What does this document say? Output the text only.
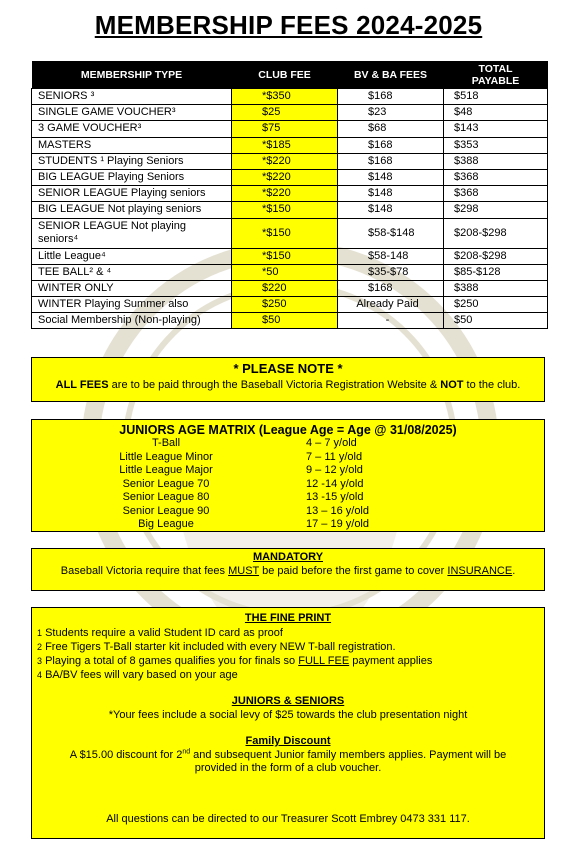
MEMBERSHIP FEES 2024-2025
MEMBERSHIP TYPE	CLUB FEE	BV & BA FEES	TOTAL PAYABLE
SENIORS ³	*$350	$168	$518
SINGLE GAME VOUCHER³	$25	$23	$48
3 GAME VOUCHER³	$75	$68	$143
MASTERS	*$185	$168	$353
STUDENTS ¹ Playing Seniors	*$220	$168	$388
BIG LEAGUE Playing Seniors	*$220	$148	$368
SENIOR LEAGUE Playing seniors	*$220	$148	$368
BIG LEAGUE Not playing seniors	*$150	$148	$298
SENIOR LEAGUE Not playing seniors⁴	*$150	$58-$148	$208-$298
Little League⁴	*$150	$58-148	$208-$298
TEE BALL² & ⁴	*50	$35-$78	$85-$128
WINTER ONLY	$220	$168	$388
WINTER Playing Summer also	$250	Already Paid	$250
Social Membership (Non-playing)	$50	-	$50
* PLEASE NOTE *
ALL FEES are to be paid through the Baseball Victoria Registration Website & NOT to the club.
JUNIORS AGE MATRIX (League Age = Age @ 31/08/2025)
T-Ball	4 – 7 y/old
Little League Minor	7 – 11 y/old
Little League Major	9 – 12 y/old
Senior League 70	12 -14 y/old
Senior League 80	13 -15 y/old
Senior League 90	13 – 16 y/old
Big League	17 – 19 y/old
MANDATORY
Baseball Victoria require that fees MUST be paid before the first game to cover INSURANCE.
THE FINE PRINT
1 Students require a valid Student ID card as proof
2 Free Tigers T-Ball starter kit included with every NEW T-ball registration.
3 Playing a total of 8 games qualifies you for finals so FULL FEE payment applies
4 BA/BV fees will vary based on your age
JUNIORS & SENIORS
*Your fees include a social levy of $25 towards the club presentation night
Family Discount
A $15.00 discount for 2nd and subsequent Junior family members applies. Payment will be
provided in the form of a club voucher.
All questions can be directed to our Treasurer Scott Embrey 0473 331 117.
